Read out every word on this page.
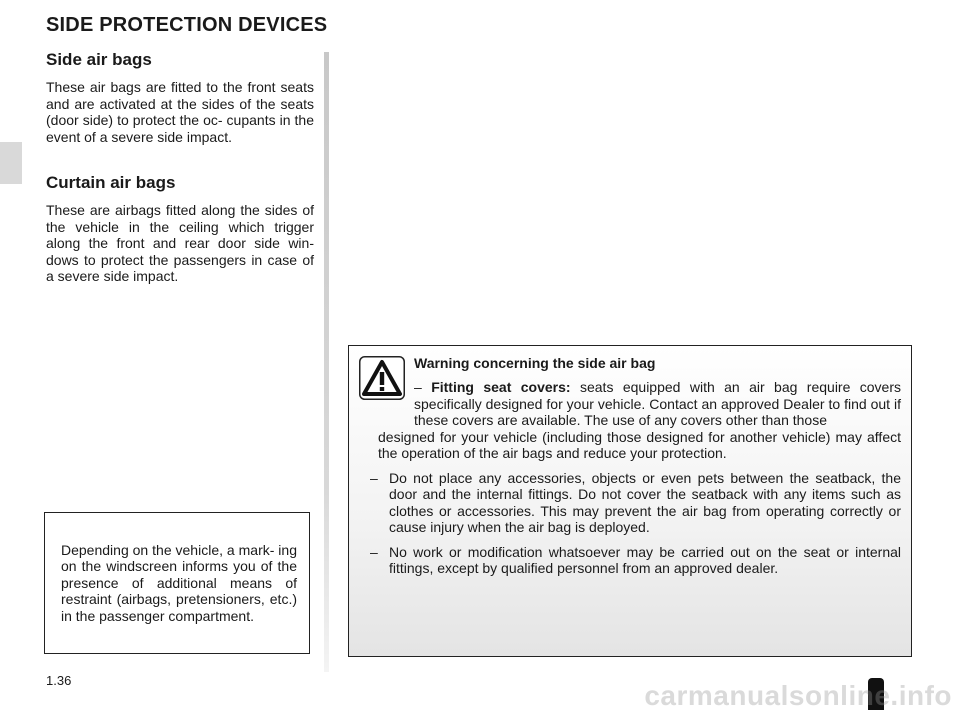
SIDE PROTECTION DEVICES
Side air bags

These air bags are fitted to the front seats and are activated at the sides of the seats (door side) to protect the oc- cupants in the event of a severe side impact.

Curtain air bags

These are airbags fitted along the sides of the vehicle in the ceiling which trigger along the front and rear door side win- dows to protect the passengers in case of a severe side impact.

Depending on the vehicle, a mark- ing on the windscreen informs you of the presence of additional means of restraint (airbags, pretensioners, etc.) in the passenger compartment.

Warning concerning the side air bag

– Fitting seat covers: seats equipped with an air bag require covers specifically designed for your vehicle. Contact an approved Dealer to find out if these covers are available. The use of any covers other than those
designed for your vehicle (including those designed for another vehicle) may affect the operation of the air bags and reduce your protection.
– Do not place any accessories, objects or even pets between the seatback, the door and the internal fittings. Do not cover the seatback with any items such as clothes or accessories. This may prevent the air bag from operating correctly or cause injury when the air bag is deployed.
– No work or modification whatsoever may be carried out on the seat or internal fittings, except by qualified personnel from an approved dealer.
1.36	carmanualsonline.info
